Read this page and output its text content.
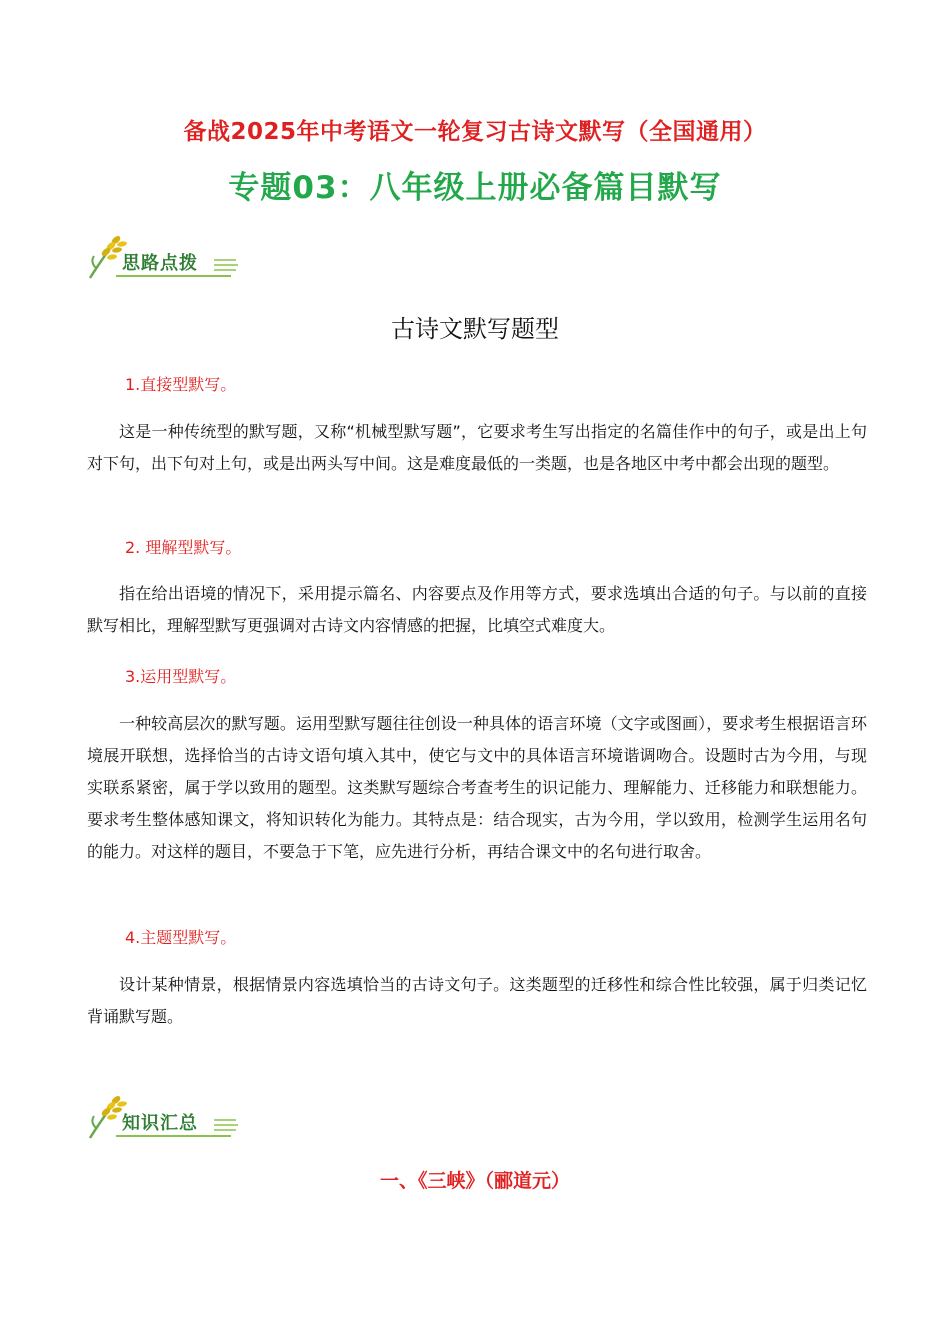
备战2025年中考语文一轮复习古诗文默写（全国通用）
专题03：八年级上册必备篇目默写
思路点拨
古诗文默写题型
1.直接型默写。

这是一种传统型的默写题，又称“机械型默写题”，它要求考生写出指定的名篇佳作中的句子，或是出上句对下句，出下句对上句，或是出两头写中间。这是难度最低的一类题，也是各地区中考中都会出现的题型。

2. 理解型默写。

指在给出语境的情况下，采用提示篇名、内容要点及作用等方式，要求选填出合适的句子。与以前的直接默写相比，理解型默写更强调对古诗文内容情感的把握，比填空式难度大。

3.运用型默写。

一种较高层次的默写题。运用型默写题往往创设一种具体的语言环境（文字或图画），要求考生根据语言环境展开联想，选择恰当的古诗文语句填入其中，使它与文中的具体语言环境谐调吻合。设题时古为今用，与现实联系紧密，属于学以致用的题型。这类默写题综合考查考生的识记能力、理解能力、迁移能力和联想能力。要求考生整体感知课文，将知识转化为能力。其特点是：结合现实，古为今用，学以致用，检测学生运用名句的能力。对这样的题目，不要急于下笔，应先进行分析，再结合课文中的名句进行取舍。

4.主题型默写。

设计某种情景，根据情景内容选填恰当的古诗文句子。这类题型的迁移性和综合性比较强，属于归类记忆背诵默写题。

知识汇总
一、《三峡》（郦道元）
